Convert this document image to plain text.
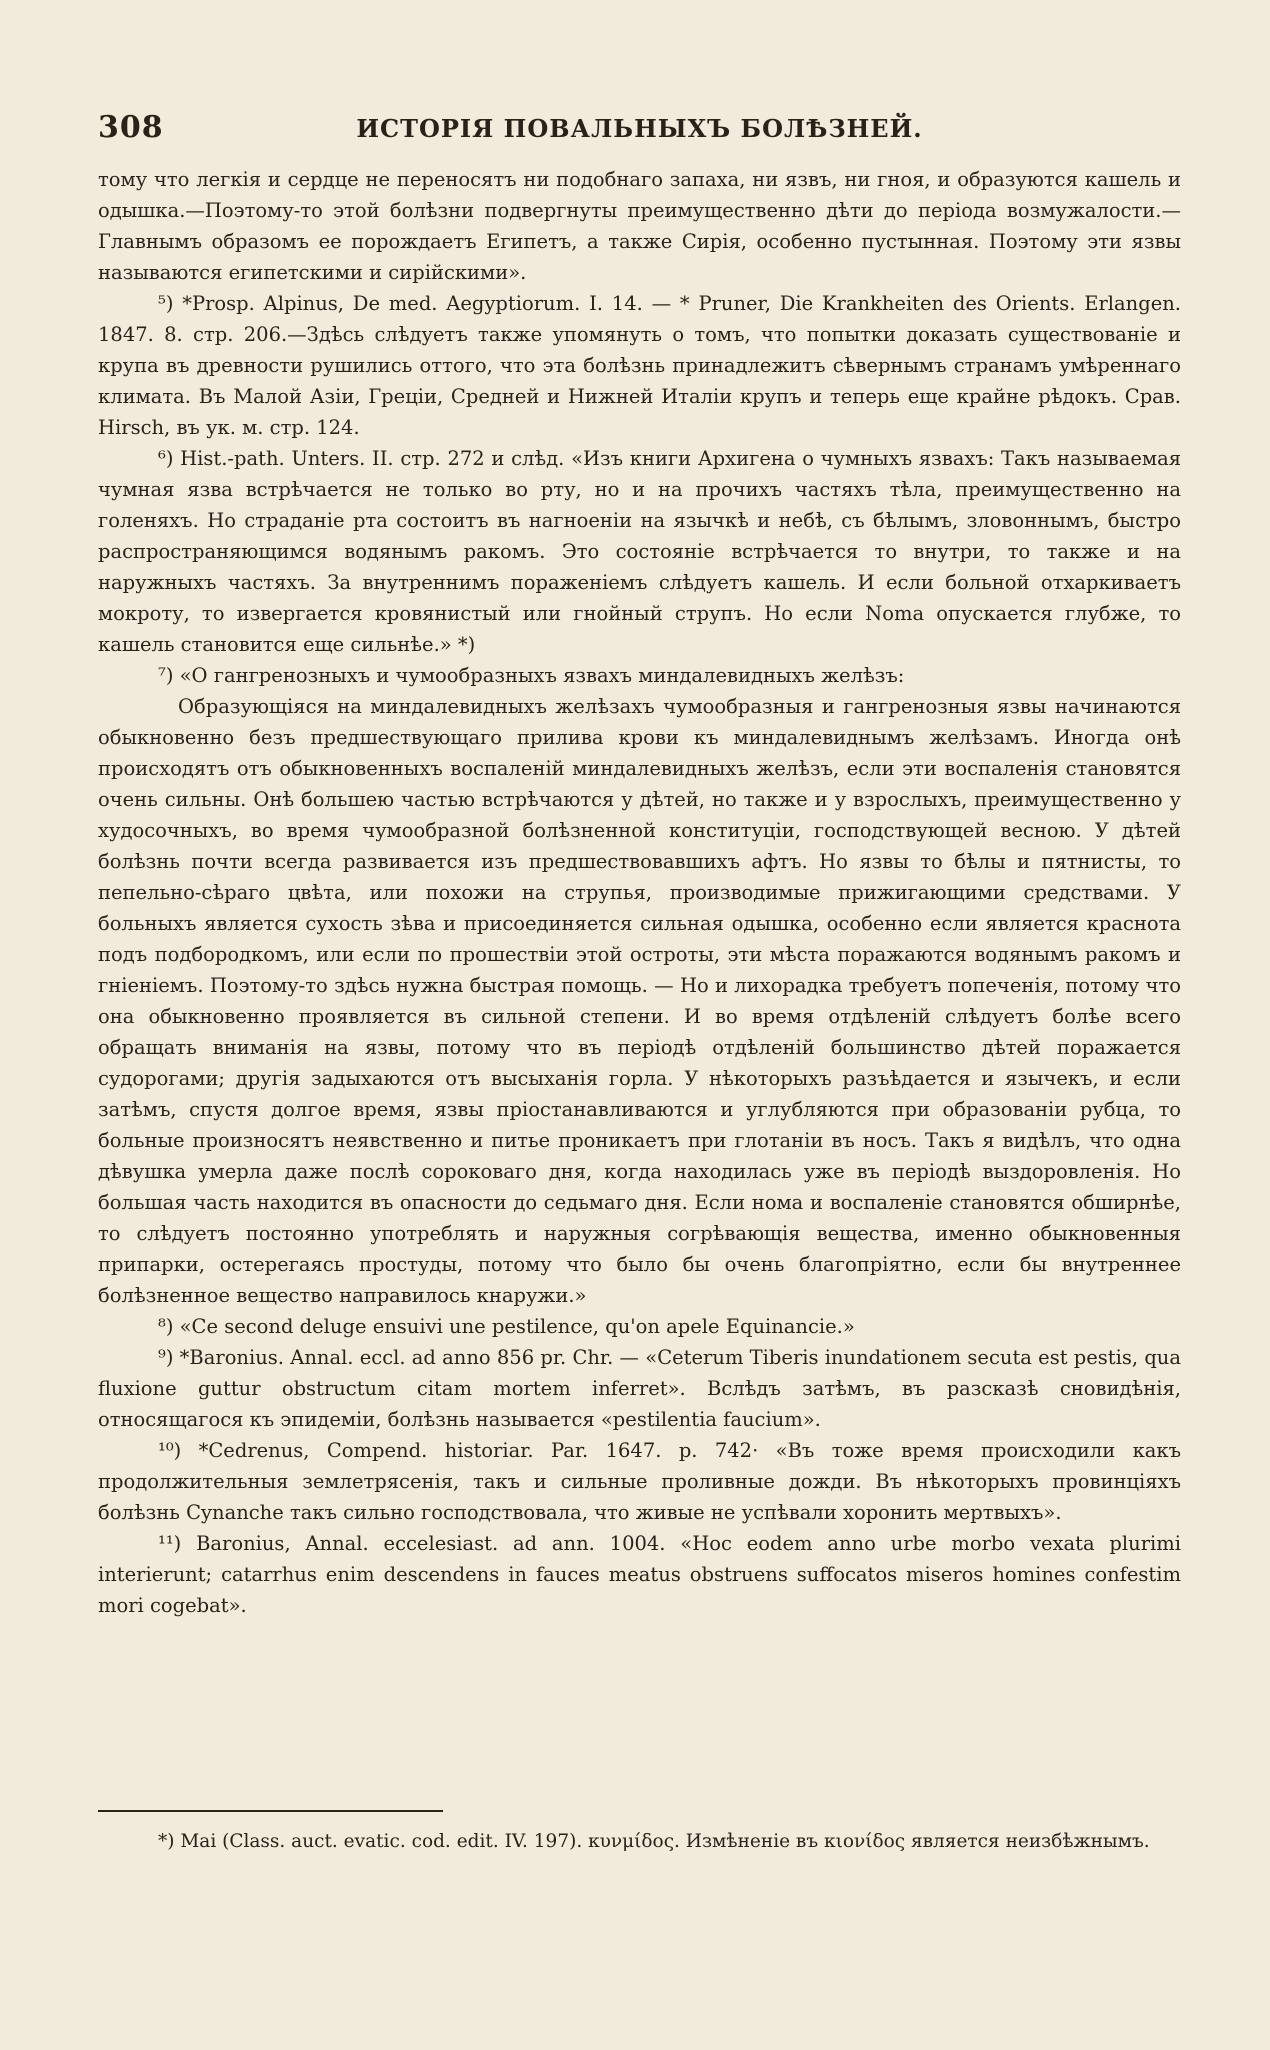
308	ИСТОРІЯ ПОВАЛЬНЫХЪ БОЛѢЗНЕЙ.

тому что легкія и сердце не переносятъ ни подобнаго запаха, ни язвъ, ни гноя, и образуются кашель и одышка.—Поэтому-то этой болѣзни подвергнуты преимущественно дѣти до періода возмужалости.—Главнымъ образомъ ее порождаетъ Египетъ, а также Сирія, особенно пустынная. Поэтому эти язвы называются египетскими и сирійскими».

⁵) *Prosp. Alpinus, De med. Aegyptiorum. I. 14. — * Pruner, Die Krankheiten des Orients. Erlangen. 1847. 8. стр. 206.—Здѣсь слѣдуетъ также упомянуть о томъ, что попытки доказать существованіе и крупа въ древности рушились оттого, что эта болѣзнь принадлежитъ сѣвернымъ странамъ умѣреннаго климата. Въ Малой Азіи, Греціи, Средней и Нижней Италіи крупъ и теперь еще крайне рѣдокъ. Срав. Hirsch, въ ук. м. стр. 124.

⁶) Hist.-path. Unters. II. стр. 272 и слѣд. «Изъ книги Архигена о чумныхъ язвахъ: Такъ называемая чумная язва встрѣчается не только во рту, но и на прочихъ частяхъ тѣла, преимущественно на голеняхъ. Но страданіе рта состоитъ въ нагноеніи на язычкѣ и небѣ, съ бѣлымъ, зловоннымъ, быстро распространяющимся водянымъ ракомъ. Это состояніе встрѣчается то внутри, то также и на наружныхъ частяхъ. За внутреннимъ пораженіемъ слѣдуетъ кашель. И если больной отхаркиваетъ мокроту, то извергается кровянистый или гнойный струпъ. Но если Noma опускается глубже, то кашель становится еще сильнѣе.» *)

⁷) «О гангренозныхъ и чумообразныхъ язвахъ миндалевидныхъ желѣзъ:

Образующіяся на миндалевидныхъ желѣзахъ чумообразныя и гангренозныя язвы начинаются обыкновенно безъ предшествующаго прилива крови къ миндалевиднымъ желѣзамъ. Иногда онѣ происходятъ отъ обыкновенныхъ воспаленій миндалевидныхъ желѣзъ, если эти воспаленія становятся очень сильны. Онѣ большею частью встрѣчаются у дѣтей, но также и у взрослыхъ, преимущественно у худосочныхъ, во время чумообразной болѣзненной конституціи, господствующей весною. У дѣтей болѣзнь почти всегда развивается изъ предшествовавшихъ афтъ. Но язвы то бѣлы и пятнисты, то пепельно-сѣраго цвѣта, или похожи на струпья, производимые прижигающими средствами. У больныхъ является сухость зѣва и присоединяется сильная одышка, особенно если является краснота подъ подбородкомъ, или если по прошествіи этой остроты, эти мѣста поражаются водянымъ ракомъ и гніеніемъ. Поэтому-то здѣсь нужна быстрая помощь. — Но и лихорадка требуетъ попеченія, потому что она обыкновенно проявляется въ сильной степени. И во время отдѣленій слѣдуетъ болѣе всего обращать вниманія на язвы, потому что въ періодѣ отдѣленій большинство дѣтей поражается судорогами; другія задыхаются отъ высыханія горла. У нѣкоторыхъ разъѣдается и язычекъ, и если затѣмъ, спустя долгое время, язвы пріостанавливаются и углубляются при образованіи рубца, то больные произносятъ неявственно и питье проникаетъ при глотаніи въ носъ. Такъ я видѣлъ, что одна дѣвушка умерла даже послѣ сороковаго дня, когда находилась уже въ періодѣ выздоровленія. Но большая часть находится въ опасности до седьмаго дня. Если нома и воспаленіе становятся обширнѣе, то слѣдуетъ постоянно употреблять и наружныя согрѣвающія вещества, именно обыкновенныя припарки, остерегаясь простуды, потому что было бы очень благопріятно, если бы внутреннее болѣзненное вещество направилось кнаружи.»

⁸) «Ce second deluge ensuivi une pestilence, qu'on apele Equinancie.»

⁹) *Baronius. Annal. eccl. ad anno 856 pr. Chr. — «Ceterum Tiberis inundationem secuta est pestis, qua fluxione guttur obstructum citam mortem inferret». Вслѣдъ затѣмъ, въ разсказѣ сновидѣнія, относящагося къ эпидеміи, болѣзнь называется «pestilentia faucium».

¹⁰) *Cedrenus, Compend. historiar. Par. 1647. p. 742· «Въ тоже время происходили какъ продолжительныя землетрясенія, такъ и сильные проливные дожди. Въ нѣкоторыхъ провинціяхъ болѣзнь Cynanche такъ сильно господствовала, что живые не успѣвали хоронить мертвыхъ».

¹¹) Baronius, Annal. eccelesiast. ad ann. 1004. «Hoc eodem anno urbe morbo vexata plurimi interierunt; catarrhus enim descendens in fauces meatus obstruens suffocatos miseros homines confestim mori cogebat».

*) Mai (Class. auct. evatic. cod. edit. IV. 197). κυνμίδος. Измѣненіе въ κιονίδος является неизбѣжнымъ.
